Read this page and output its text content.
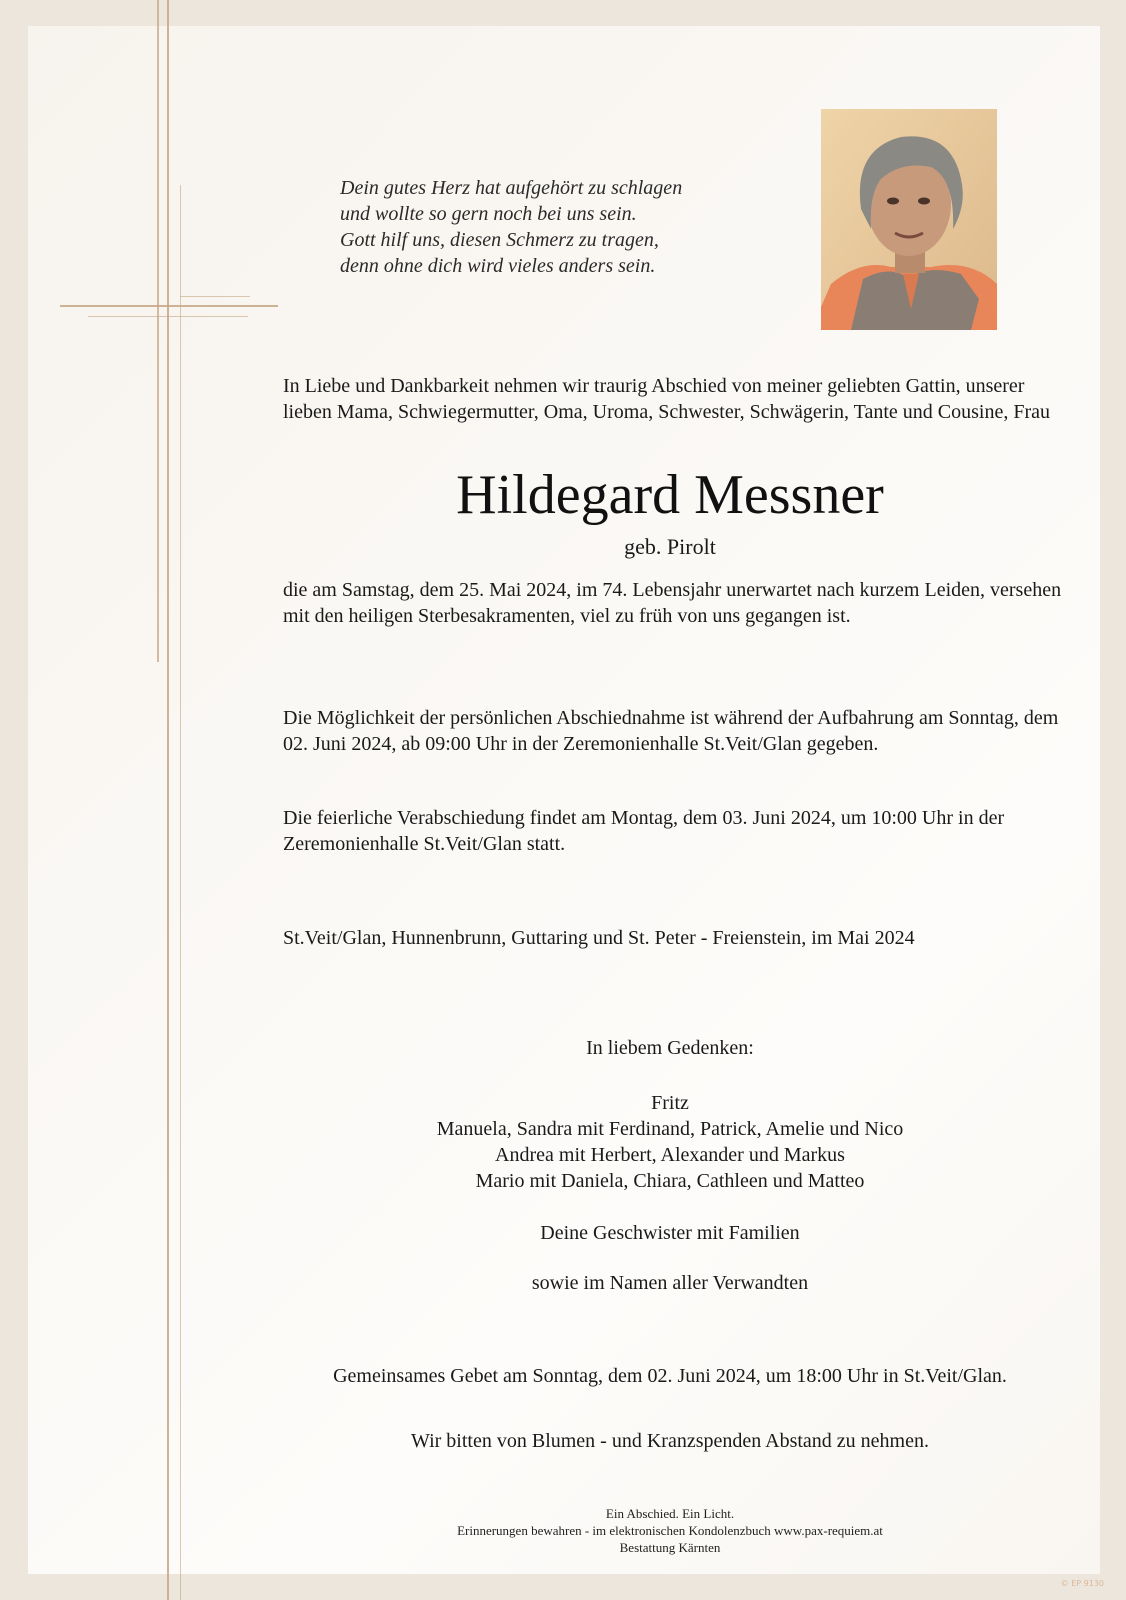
Dein gutes Herz hat aufgehört zu schlagen
und wollte so gern noch bei uns sein.
Gott hilf uns, diesen Schmerz zu tragen,
denn ohne dich wird vieles anders sein.
In Liebe und Dankbarkeit nehmen wir traurig Abschied von meiner geliebten Gattin, unserer lieben Mama, Schwiegermutter, Oma, Uroma, Schwester, Schwägerin, Tante und Cousine, Frau
Hildegard Messner
geb. Pirolt
die am Samstag, dem 25. Mai 2024, im 74. Lebensjahr unerwartet nach kurzem Leiden, versehen mit den heiligen Sterbesakramenten, viel zu früh von uns gegangen ist.
Die Möglichkeit der persönlichen Abschiednahme ist während der Aufbahrung am Sonntag, dem 02. Juni 2024, ab 09:00 Uhr in der Zeremonienhalle St.Veit/Glan gegeben.
Die feierliche Verabschiedung findet am Montag, dem 03. Juni 2024, um 10:00 Uhr in der Zeremonienhalle St.Veit/Glan statt.
St.Veit/Glan, Hunnenbrunn, Guttaring und St. Peter - Freienstein, im Mai 2024
In liebem Gedenken:
Fritz
Manuela, Sandra mit Ferdinand, Patrick, Amelie und Nico
Andrea mit Herbert, Alexander und Markus
Mario mit Daniela, Chiara, Cathleen und Matteo
Deine Geschwister mit Familien
sowie im Namen aller Verwandten
Gemeinsames Gebet am Sonntag, dem 02. Juni 2024, um 18:00 Uhr in St.Veit/Glan.
Wir bitten von Blumen - und Kranzspenden Abstand zu nehmen.
Ein Abschied. Ein Licht.
Erinnerungen bewahren - im elektronischen Kondolenzbuch www.pax-requiem.at
Bestattung Kärnten
© EP 9130
